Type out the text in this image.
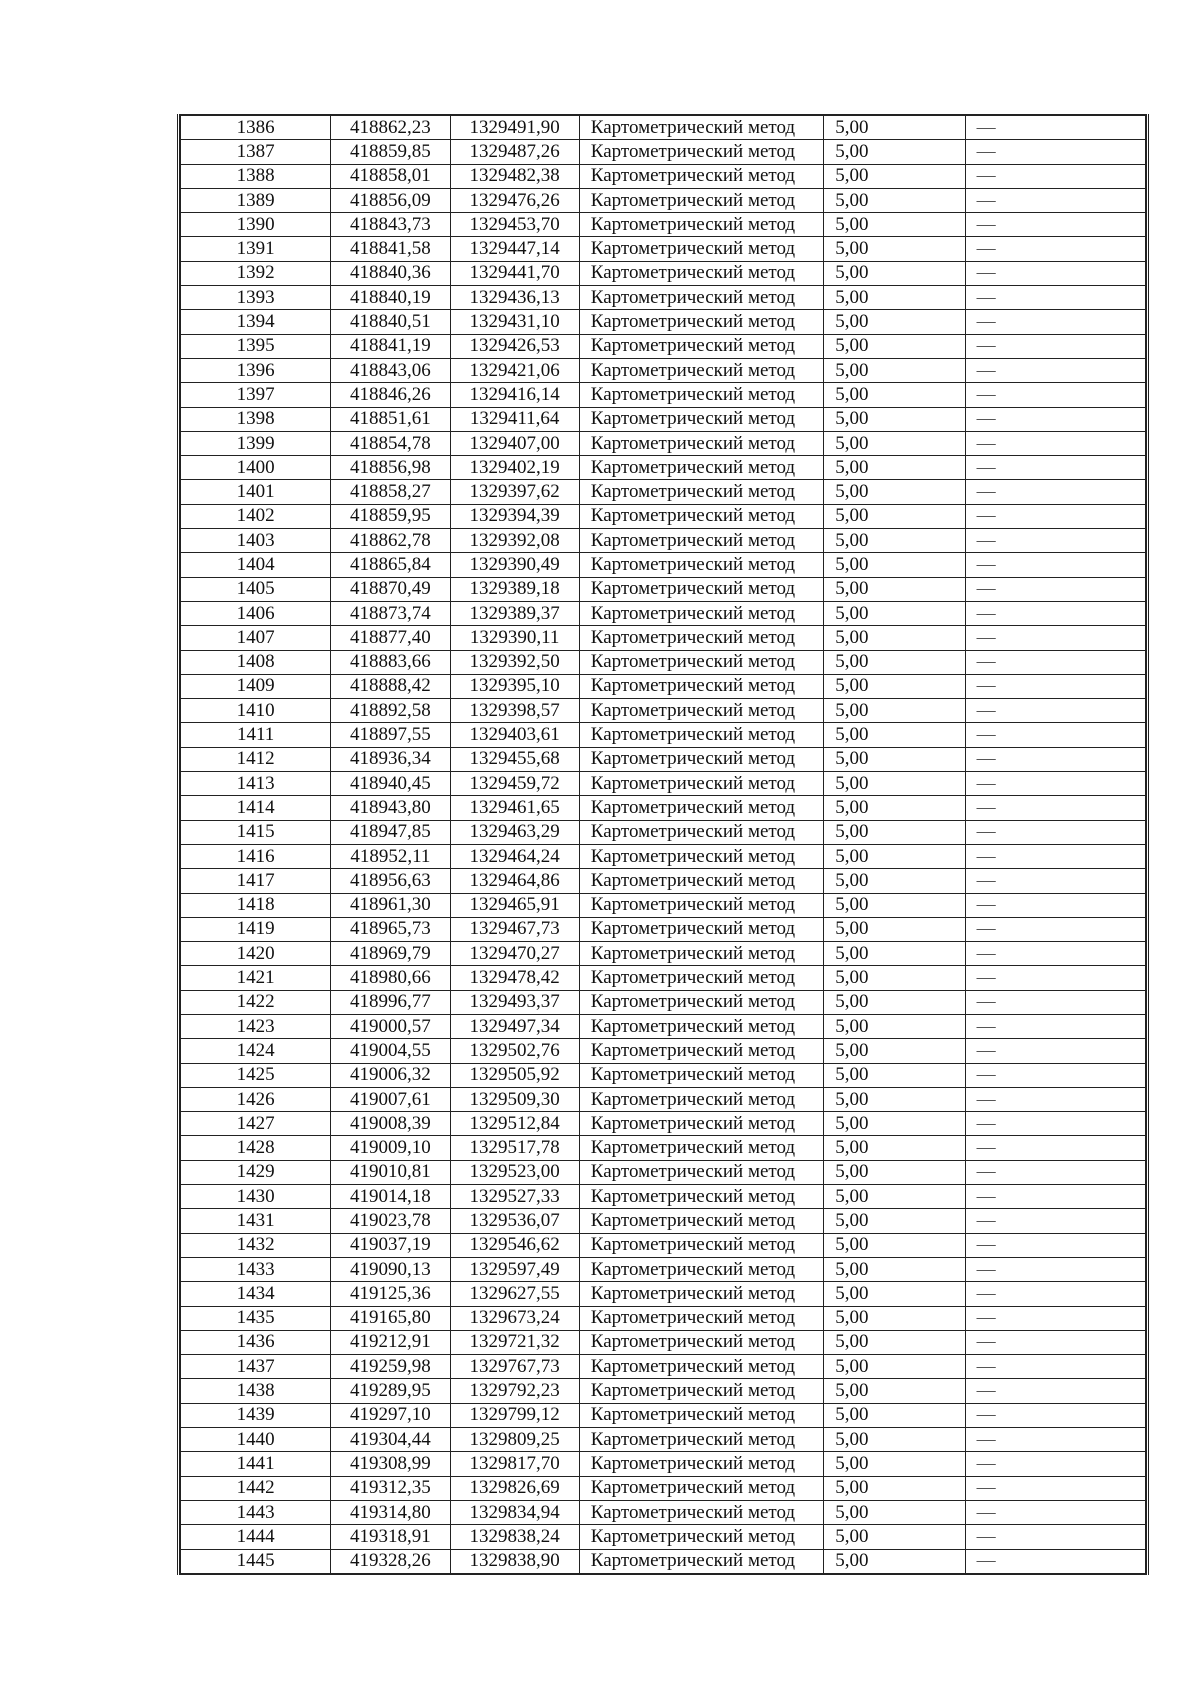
1386	418862,23	1329491,90	Картометрический метод	5,00	—
1387	418859,85	1329487,26	Картометрический метод	5,00	—
1388	418858,01	1329482,38	Картометрический метод	5,00	—
1389	418856,09	1329476,26	Картометрический метод	5,00	—
1390	418843,73	1329453,70	Картометрический метод	5,00	—
1391	418841,58	1329447,14	Картометрический метод	5,00	—
1392	418840,36	1329441,70	Картометрический метод	5,00	—
1393	418840,19	1329436,13	Картометрический метод	5,00	—
1394	418840,51	1329431,10	Картометрический метод	5,00	—
1395	418841,19	1329426,53	Картометрический метод	5,00	—
1396	418843,06	1329421,06	Картометрический метод	5,00	—
1397	418846,26	1329416,14	Картометрический метод	5,00	—
1398	418851,61	1329411,64	Картометрический метод	5,00	—
1399	418854,78	1329407,00	Картометрический метод	5,00	—
1400	418856,98	1329402,19	Картометрический метод	5,00	—
1401	418858,27	1329397,62	Картометрический метод	5,00	—
1402	418859,95	1329394,39	Картометрический метод	5,00	—
1403	418862,78	1329392,08	Картометрический метод	5,00	—
1404	418865,84	1329390,49	Картометрический метод	5,00	—
1405	418870,49	1329389,18	Картометрический метод	5,00	—
1406	418873,74	1329389,37	Картометрический метод	5,00	—
1407	418877,40	1329390,11	Картометрический метод	5,00	—
1408	418883,66	1329392,50	Картометрический метод	5,00	—
1409	418888,42	1329395,10	Картометрический метод	5,00	—
1410	418892,58	1329398,57	Картометрический метод	5,00	—
1411	418897,55	1329403,61	Картометрический метод	5,00	—
1412	418936,34	1329455,68	Картометрический метод	5,00	—
1413	418940,45	1329459,72	Картометрический метод	5,00	—
1414	418943,80	1329461,65	Картометрический метод	5,00	—
1415	418947,85	1329463,29	Картометрический метод	5,00	—
1416	418952,11	1329464,24	Картометрический метод	5,00	—
1417	418956,63	1329464,86	Картометрический метод	5,00	—
1418	418961,30	1329465,91	Картометрический метод	5,00	—
1419	418965,73	1329467,73	Картометрический метод	5,00	—
1420	418969,79	1329470,27	Картометрический метод	5,00	—
1421	418980,66	1329478,42	Картометрический метод	5,00	—
1422	418996,77	1329493,37	Картометрический метод	5,00	—
1423	419000,57	1329497,34	Картометрический метод	5,00	—
1424	419004,55	1329502,76	Картометрический метод	5,00	—
1425	419006,32	1329505,92	Картометрический метод	5,00	—
1426	419007,61	1329509,30	Картометрический метод	5,00	—
1427	419008,39	1329512,84	Картометрический метод	5,00	—
1428	419009,10	1329517,78	Картометрический метод	5,00	—
1429	419010,81	1329523,00	Картометрический метод	5,00	—
1430	419014,18	1329527,33	Картометрический метод	5,00	—
1431	419023,78	1329536,07	Картометрический метод	5,00	—
1432	419037,19	1329546,62	Картометрический метод	5,00	—
1433	419090,13	1329597,49	Картометрический метод	5,00	—
1434	419125,36	1329627,55	Картометрический метод	5,00	—
1435	419165,80	1329673,24	Картометрический метод	5,00	—
1436	419212,91	1329721,32	Картометрический метод	5,00	—
1437	419259,98	1329767,73	Картометрический метод	5,00	—
1438	419289,95	1329792,23	Картометрический метод	5,00	—
1439	419297,10	1329799,12	Картометрический метод	5,00	—
1440	419304,44	1329809,25	Картометрический метод	5,00	—
1441	419308,99	1329817,70	Картометрический метод	5,00	—
1442	419312,35	1329826,69	Картометрический метод	5,00	—
1443	419314,80	1329834,94	Картометрический метод	5,00	—
1444	419318,91	1329838,24	Картометрический метод	5,00	—
1445	419328,26	1329838,90	Картометрический метод	5,00	—
